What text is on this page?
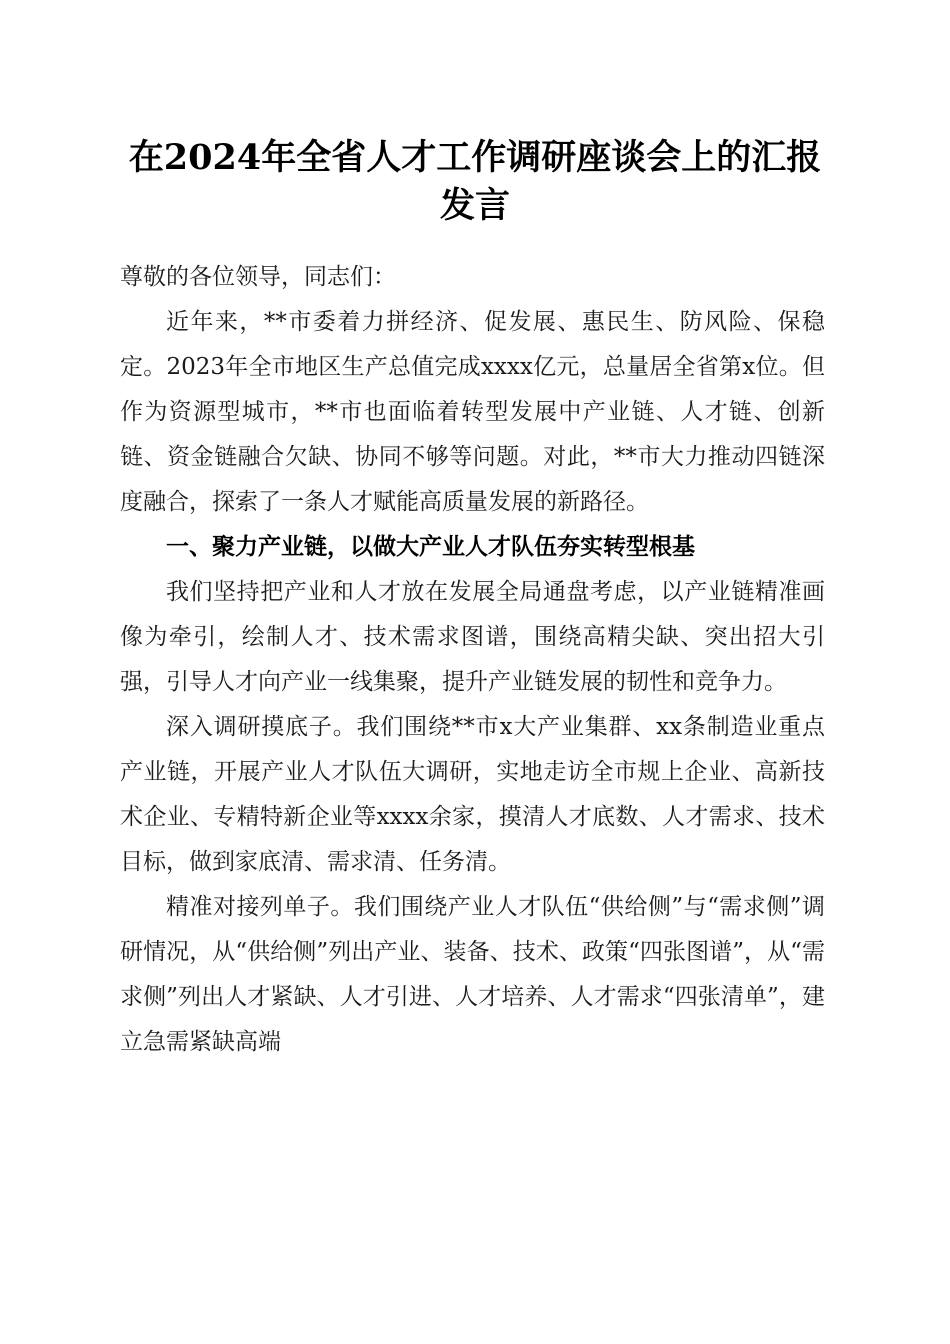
在2024年全省人才工作调研座谈会上的汇报
发言

尊敬的各位领导，同志们：

近年来，**市委着力拼经济、促发展、惠民生、防风险、保稳定。2023年全市地区生产总值完成xxxx亿元，总量居全省第x位。但作为资源型城市，**市也面临着转型发展中产业链、人才链、创新链、资金链融合欠缺、协同不够等问题。对此，**市大力推动四链深度融合，探索了一条人才赋能高质量发展的新路径。

一、聚力产业链，以做大产业人才队伍夯实转型根基

我们坚持把产业和人才放在发展全局通盘考虑，以产业链精准画像为牵引，绘制人才、技术需求图谱，围绕高精尖缺、突出招大引强，引导人才向产业一线集聚，提升产业链发展的韧性和竞争力。

深入调研摸底子。我们围绕**市x大产业集群、xx条制造业重点产业链，开展产业人才队伍大调研，实地走访全市规上企业、高新技术企业、专精特新企业等xxxx余家，摸清人才底数、人才需求、技术目标，做到家底清、需求清、任务清。

精准对接列单子。我们围绕产业人才队伍“供给侧”与“需求侧”调研情况，从“供给侧”列出产业、装备、技术、政策“四张图谱”，从“需求侧”列出人才紧缺、人才引进、人才培养、人才需求“四张清单”，建立急需紧缺高端
